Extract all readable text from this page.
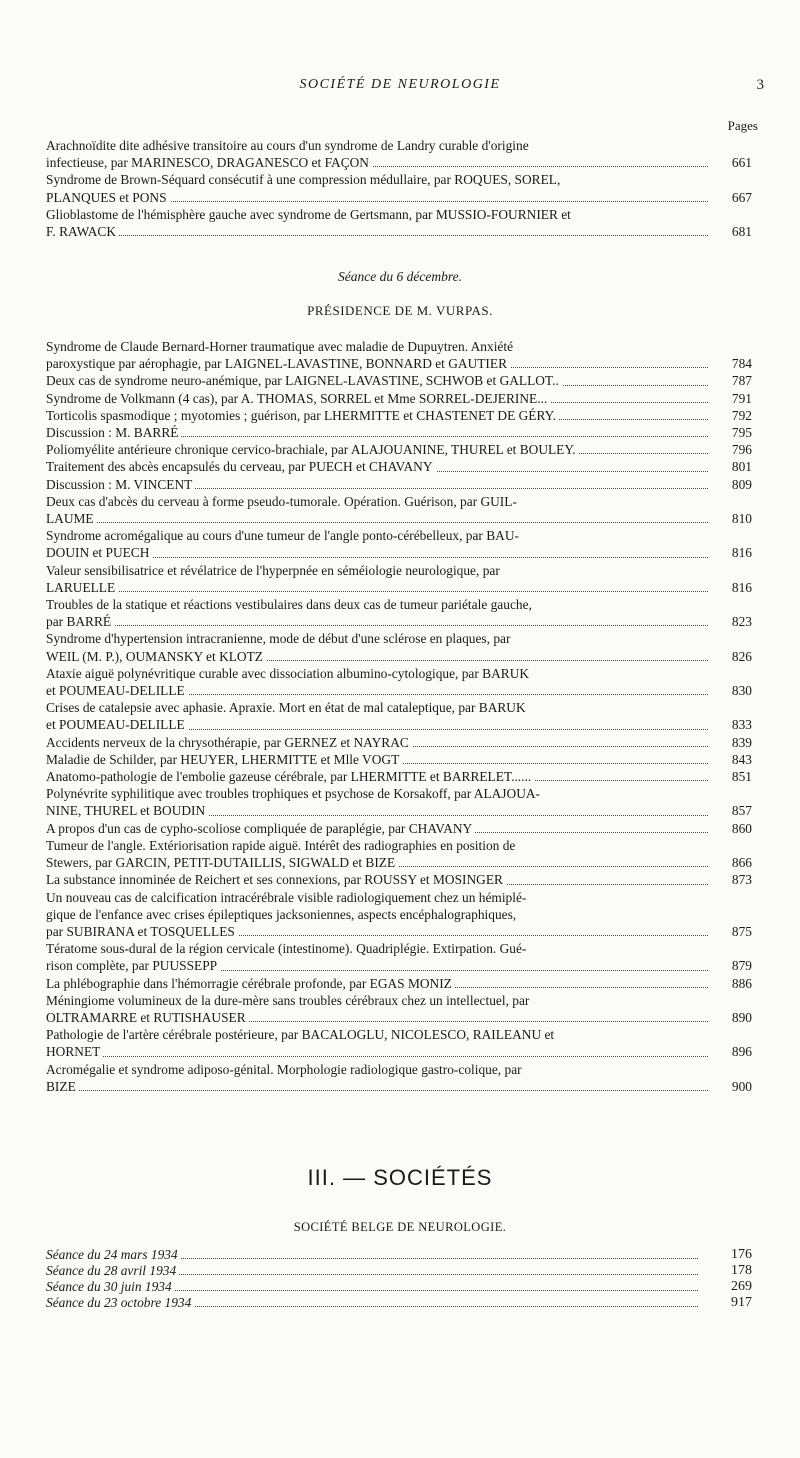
SOCIÉTÉ DE NEUROLOGIE	3
Pages
Arachnoïdite dite adhésive transitoire au cours d'un syndrome de Landry curable d'origine
infectieuse, par MARINESCO, DRAGANESCO et FAÇON	661
Syndrome de Brown-Séquard consécutif à une compression médullaire, par ROQUES, SOREL,
PLANQUES et PONS	667
Glioblastome de l'hémisphère gauche avec syndrome de Gertsmann, par MUSSIO-FOURNIER et
F. RAWACK	681
Séance du 6 décembre.
PRÉSIDENCE DE M. VURPAS.
Syndrome de Claude Bernard-Horner traumatique avec maladie de Dupuytren. Anxiété
paroxystique par aérophagie, par LAIGNEL-LAVASTINE, BONNARD et GAUTIER	784
Deux cas de syndrome neuro-anémique, par LAIGNEL-LAVASTINE, SCHWOB et GALLOT..	787
Syndrome de Volkmann (4 cas), par A. THOMAS, SORREL et Mme SORREL-DEJERINE...	791
Torticolis spasmodique ; myotomies ; guérison, par LHERMITTE et CHASTENET DE GÉRY.	792
Discussion : M. BARRÉ	795
Poliomyélite antérieure chronique cervico-brachiale, par ALAJOUANINE, THUREL et BOULEY.	796
Traitement des abcès encapsulés du cerveau, par PUECH et CHAVANY	801
Discussion : M. VINCENT	809
Deux cas d'abcès du cerveau à forme pseudo-tumorale. Opération. Guérison, par GUIL-
LAUME	810
Syndrome acromégalique au cours d'une tumeur de l'angle ponto-cérébelleux, par BAU-
DOUIN et PUECH	816
Valeur sensibilisatrice et révélatrice de l'hyperpnée en séméiologie neurologique, par
LARUELLE	816
Troubles de la statique et réactions vestibulaires dans deux cas de tumeur pariétale gauche,
par BARRÉ	823
Syndrome d'hypertension intracranienne, mode de début d'une sclérose en plaques, par
WEIL (M. P.), OUMANSKY et KLOTZ	826
Ataxie aiguë polynévritique curable avec dissociation albumino-cytologique, par BARUK
et POUMEAU-DELILLE	830
Crises de catalepsie avec aphasie. Apraxie. Mort en état de mal cataleptique, par BARUK
et POUMEAU-DELILLE	833
Accidents nerveux de la chrysothérapie, par GERNEZ et NAYRAC	839
Maladie de Schilder, par HEUYER, LHERMITTE et Mlle VOGT	843
Anatomo-pathologie de l'embolie gazeuse cérébrale, par LHERMITTE et BARRELET......	851
Polynévrite syphilitique avec troubles trophiques et psychose de Korsakoff, par ALAJOUA-
NINE, THUREL et BOUDIN	857
A propos d'un cas de cypho-scoliose compliquée de paraplégie, par CHAVANY	860
Tumeur de l'angle. Extériorisation rapide aiguë. Intérêt des radiographies en position de
Stewers, par GARCIN, PETIT-DUTAILLIS, SIGWALD et BIZE	866
La substance innominée de Reichert et ses connexions, par ROUSSY et MOSINGER	873
Un nouveau cas de calcification intracérébrale visible radiologiquement chez un hémiplé-
gique de l'enfance avec crises épileptiques jacksoniennes, aspects encéphalographiques,
par SUBIRANA et TOSQUELLES	875
Tératome sous-dural de la région cervicale (intestinome). Quadriplégie. Extirpation. Gué-
rison complète, par PUUSSEPP	879
La phlébographie dans l'hémorragie cérébrale profonde, par EGAS MONIZ	886
Méningiome volumineux de la dure-mère sans troubles cérébraux chez un intellectuel, par
OLTRAMARRE et RUTISHAUSER	890
Pathologie de l'artère cérébrale postérieure, par BACALOGLU, NICOLESCO, RAILEANU et
HORNET	896
Acromégalie et syndrome adiposo-génital. Morphologie radiologique gastro-colique, par
BIZE	900
III. — SOCIÉTÉS
SOCIÉTÉ BELGE DE NEUROLOGIE.
Séance du 24 mars 1934	176
Séance du 28 avril 1934	178
Séance du 30 juin 1934	269
Séance du 23 octobre 1934	917
